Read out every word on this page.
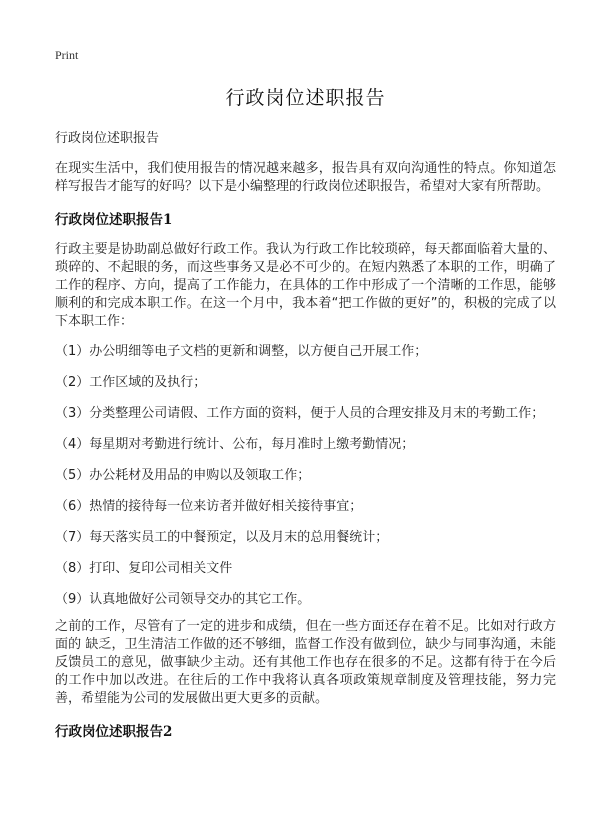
Print
行政岗位述职报告
行政岗位述职报告

在现实生活中，我们使用报告的情况越来越多，报告具有双向沟通性的特点。你知道怎样写报告才能写的好吗？以下是小编整理的行政岗位述职报告，希望对大家有所帮助。

行政岗位述职报告1

行政主要是协助副总做好行政工作。我认为行政工作比较琐碎，每天都面临着大量的、琐碎的、不起眼的务，而这些事务又是必不可少的。在短内熟悉了本职的工作，明确了工作的程序、方向，提高了工作能力，在具体的工作中形成了一个清晰的工作思，能够顺利的和完成本职工作。在这一个月中，我本着“把工作做的更好”的，积极的完成了以下本职工作：

（1）办公明细等电子文档的更新和调整，以方便自己开展工作；
（2）工作区域的及执行；
（3）分类整理公司请假、工作方面的资料，便于人员的合理安排及月末的考勤工作；
（4）每星期对考勤进行统计、公布，每月准时上缴考勤情况；
（5）办公耗材及用品的申购以及领取工作；
（6）热情的接待每一位来访者并做好相关接待事宜；
（7）每天落实员工的中餐预定，以及月末的总用餐统计；
（8）打印、复印公司相关文件
（9）认真地做好公司领导交办的其它工作。

之前的工作，尽管有了一定的进步和成绩，但在一些方面还存在着不足。比如对行政方面的 缺乏，卫生清洁工作做的还不够细，监督工作没有做到位，缺少与同事沟通，未能反馈员工的意见，做事缺少主动。还有其他工作也存在很多的不足。这都有待于在今后的工作中加以改进。在往后的工作中我将认真各项政策规章制度及管理技能，努力完善，希望能为公司的发展做出更大更多的贡献。

行政岗位述职报告2
